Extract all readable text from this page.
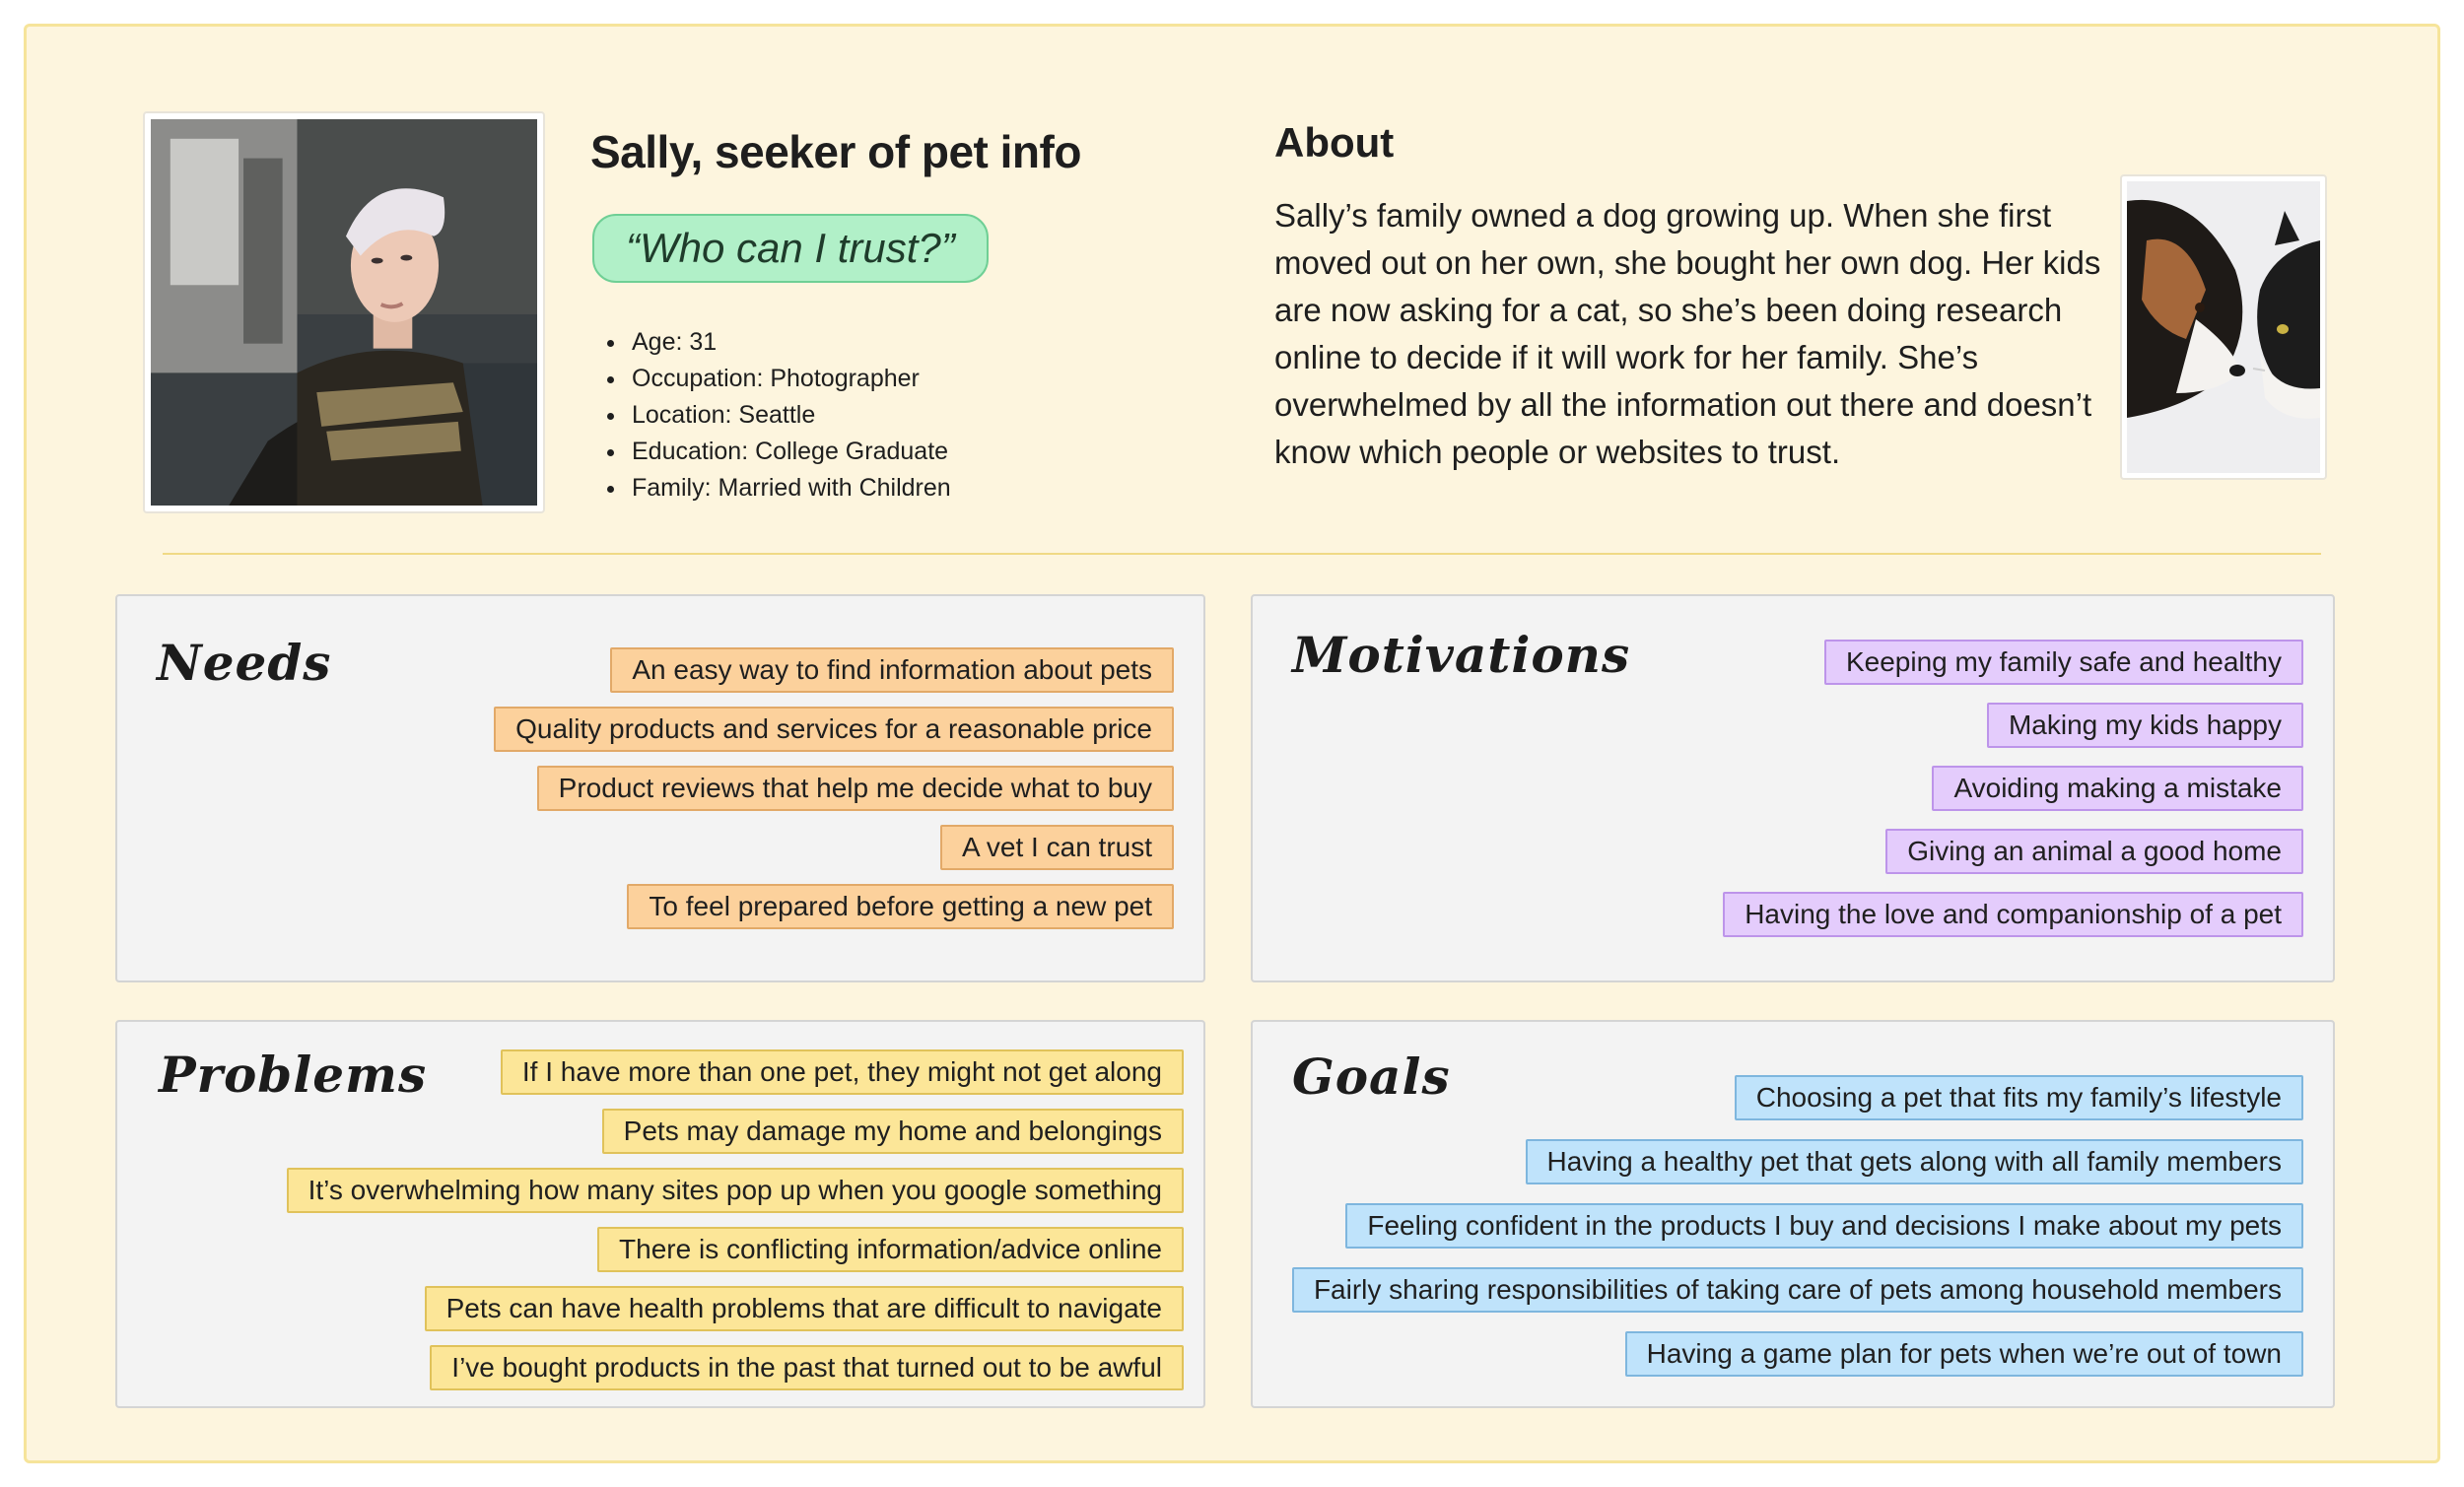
Sally, seeker of pet info
“Who can I trust?”
• Age: 31
• Occupation: Photographer
• Location: Seattle
• Education: College Graduate
• Family: Married with Children
About

Sally’s family owned a dog growing up. When she first moved out on her own, she bought her own dog. Her kids are now asking for a cat, so she’s been doing research online to decide if it will work for her family. She’s overwhelmed by all the information out there and doesn’t know which people or websites to trust.

Needs	An easy way to find information about pets
Quality products and services for a reasonable price
Product reviews that help me decide what to buy
A vet I can trust
To feel prepared before getting a new pet
Motivations	Keeping my family safe and healthy
Making my kids happy
Avoiding making a mistake
Giving an animal a good home
Having the love and companionship of a pet
Problems	If I have more than one pet, they might not get along
Pets may damage my home and belongings
It’s overwhelming how many sites pop up when you google something
There is conflicting information/advice online
Pets can have health problems that are difficult to navigate
I’ve bought products in the past that turned out to be awful
Goals	Choosing a pet that fits my family’s lifestyle
Having a healthy pet that gets along with all family members
Feeling confident in the products I buy and decisions I make about my pets
Fairly sharing responsibilities of taking care of pets among household members
Having a game plan for pets when we’re out of town
